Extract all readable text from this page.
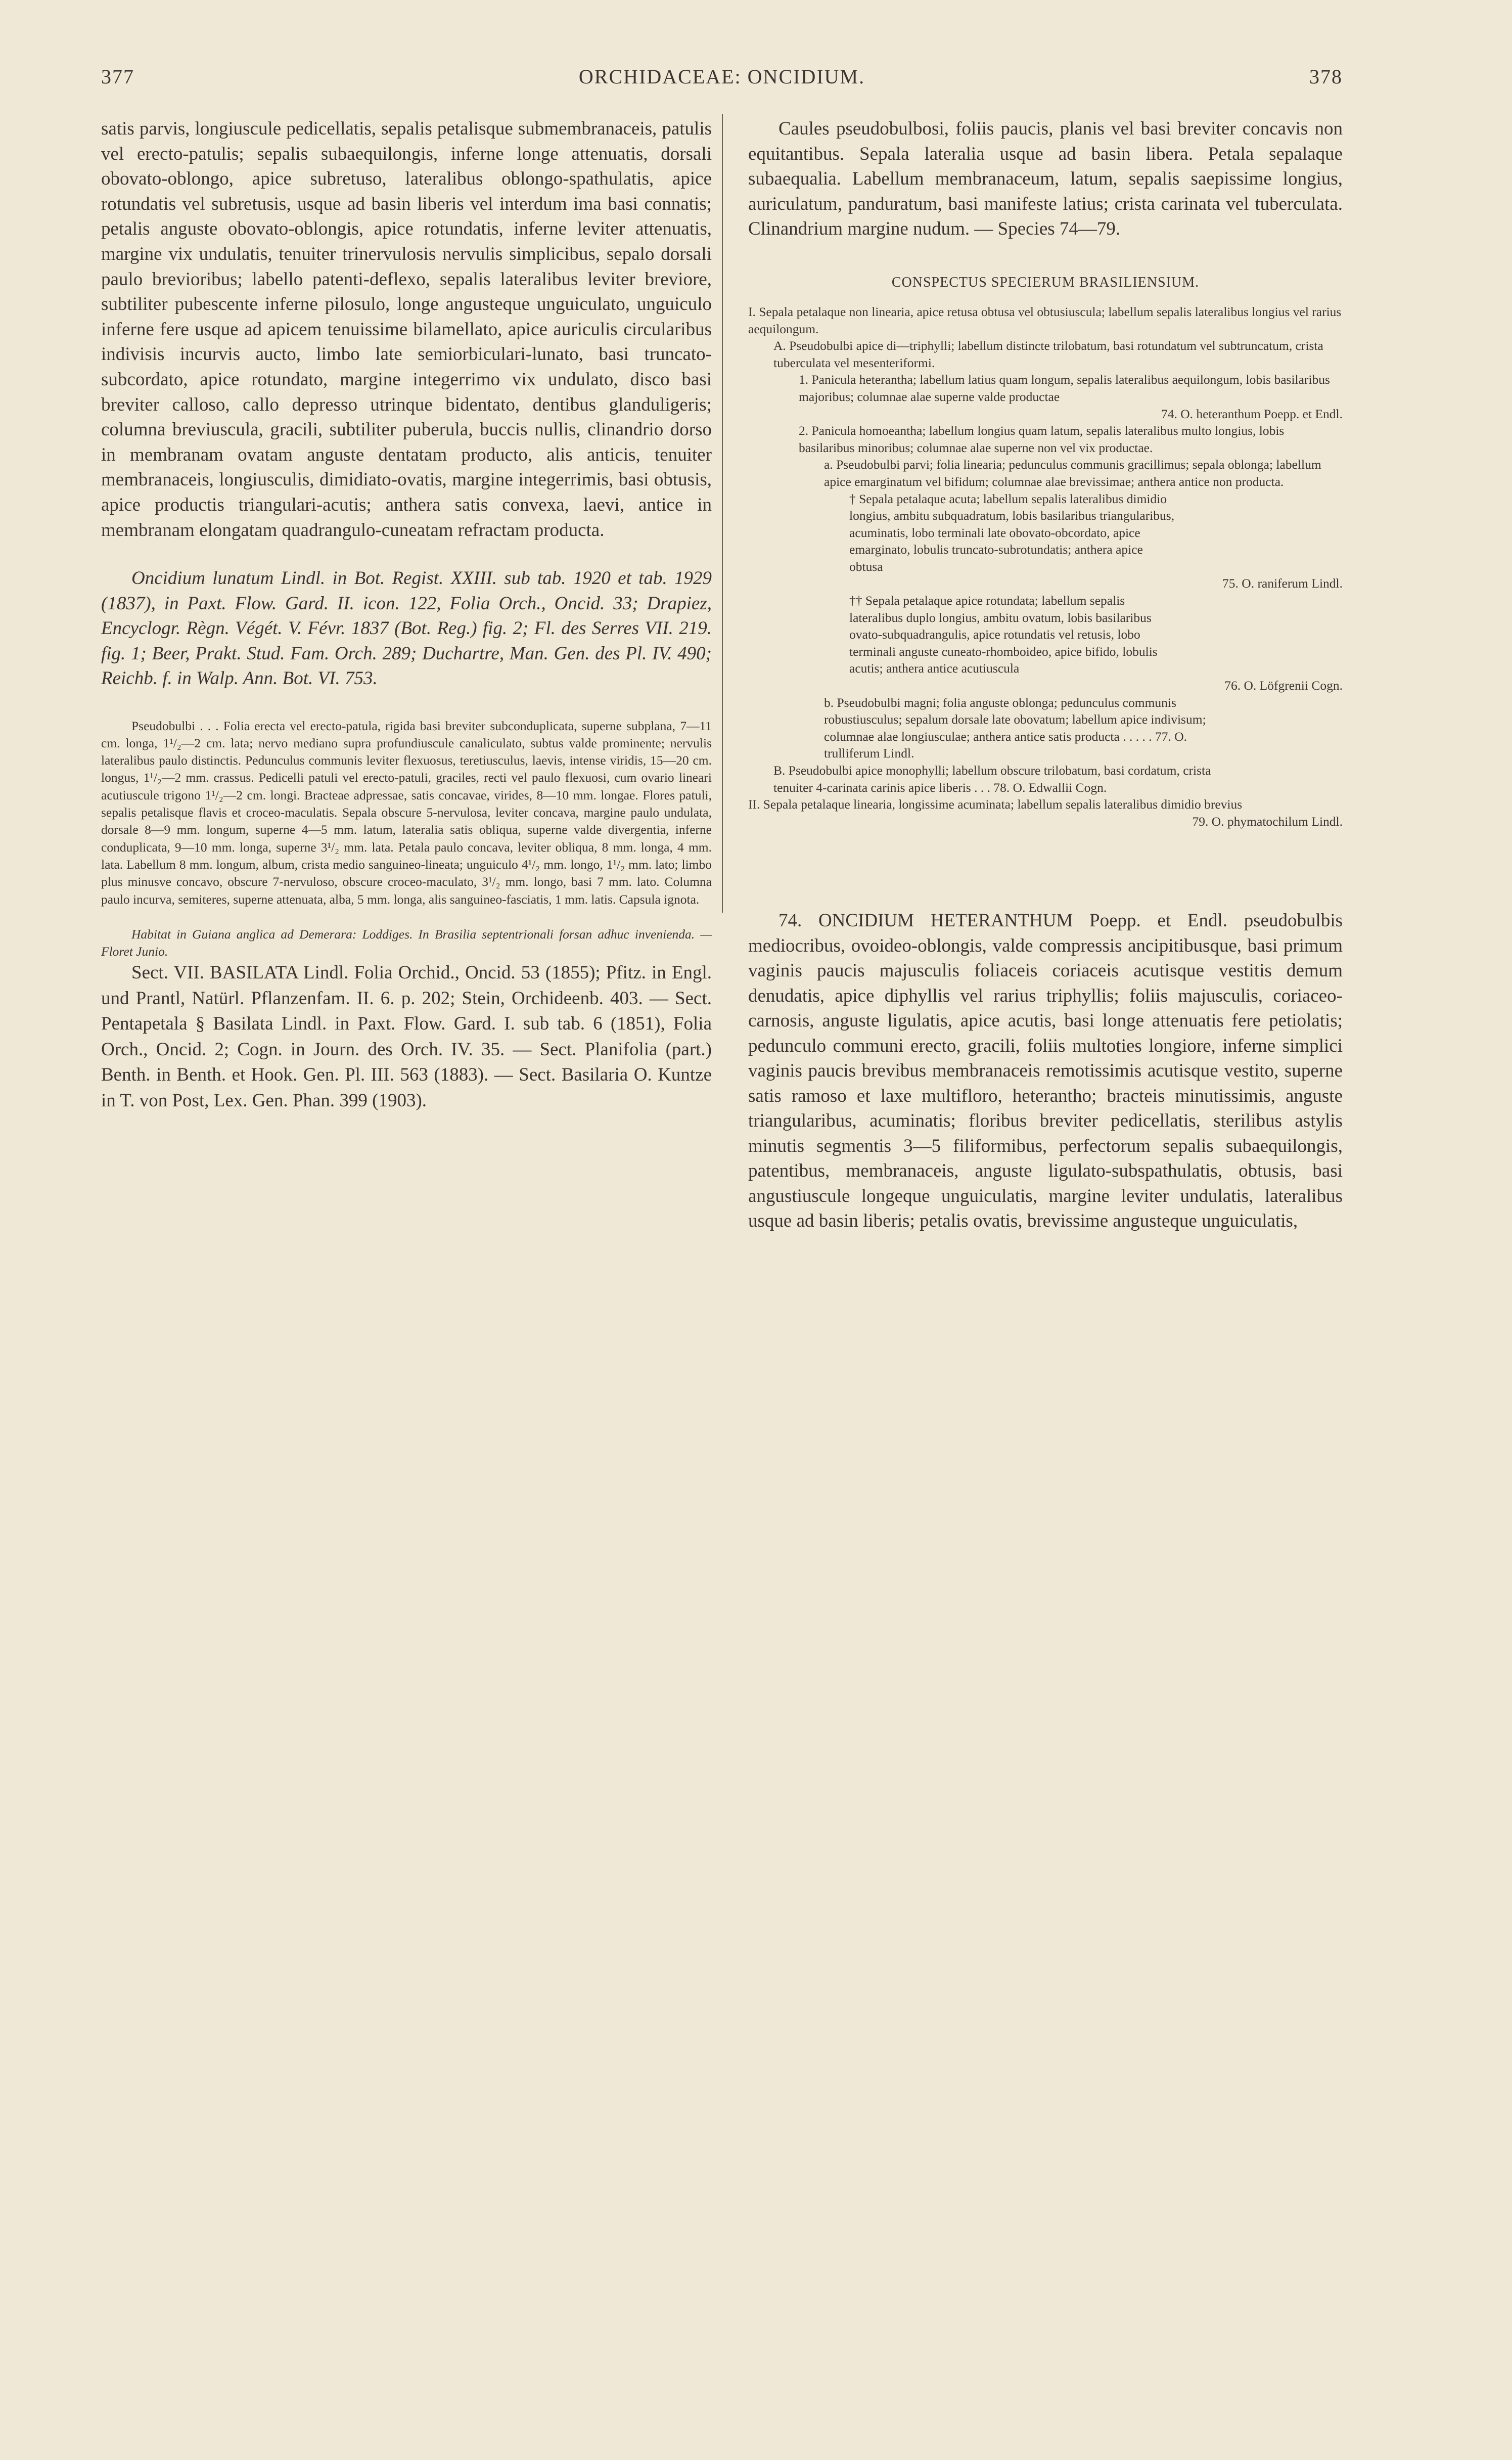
377	ORCHIDACEAE: ONCIDIUM.	378

satis parvis, longiuscule pedicellatis, sepalis petalisque submembranaceis, patulis vel erecto-patulis; sepalis subaequilongis, inferne longe attenuatis, dorsali obovato-oblongo, apice subretuso, lateralibus oblongo-spathulatis, apice rotundatis vel subretusis, usque ad basin liberis vel interdum ima basi connatis; petalis anguste obovato-oblongis, apice rotundatis, inferne leviter attenuatis, margine vix undulatis, tenuiter trinervulosis nervulis simplicibus, sepalo dorsali paulo brevioribus; labello patenti-deflexo, sepalis lateralibus leviter breviore, subtiliter pubescente inferne pilosulo, longe angusteque unguiculato, unguiculo inferne fere usque ad apicem tenuissime bilamellato, apice auriculis circularibus indivisis incurvis aucto, limbo late semiorbiculari-lunato, basi truncato-subcordato, apice rotundato, margine integerrimo vix undulato, disco basi breviter calloso, callo depresso utrinque bidentato, dentibus glanduligeris; columna breviuscula, gracili, subtiliter puberula, buccis nullis, clinandrio dorso in membranam ovatam anguste dentatam producto, alis anticis, tenuiter membranaceis, longiusculis, dimidiato-ovatis, margine integerrimis, basi obtusis, apice productis triangulari-acutis; anthera satis convexa, laevi, antice in membranam elongatam quadrangulo-cuneatam refractam producta.

Oncidium lunatum Lindl. in Bot. Regist. XXIII. sub tab. 1920 et tab. 1929 (1837), in Paxt. Flow. Gard. II. icon. 122, Folia Orch., Oncid. 33; Drapiez, Encyclogr. Règn. Végét. V. Févr. 1837 (Bot. Reg.) fig. 2; Fl. des Serres VII. 219. fig. 1; Beer, Prakt. Stud. Fam. Orch. 289; Duchartre, Man. Gen. des Pl. IV. 490; Reichb. f. in Walp. Ann. Bot. VI. 753.

Pseudobulbi . . . Folia erecta vel erecto-patula, rigida basi breviter subconduplicata, superne subplana, 7—11 cm. longa, 1¹/₂—2 cm. lata; nervo mediano supra profundiuscule canaliculato, subtus valde prominente; nervulis lateralibus paulo distinctis. Pedunculus communis leviter flexuosus, teretiusculus, laevis, intense viridis, 15—20 cm. longus, 1¹/₂—2 mm. crassus. Pedicelli patuli vel erecto-patuli, graciles, recti vel paulo flexuosi, cum ovario lineari acutiuscule trigono 1¹/₂—2 cm. longi. Bracteae adpressae, satis concavae, virides, 8—10 mm. longae. Flores patuli, sepalis petalisque flavis et croceo-maculatis. Sepala obscure 5-nervulosa, leviter concava, margine paulo undulata, dorsale 8—9 mm. longum, superne 4—5 mm. latum, lateralia satis obliqua, superne valde divergentia, inferne conduplicata, 9—10 mm. longa, superne 3¹/₂ mm. lata. Petala paulo concava, leviter obliqua, 8 mm. longa, 4 mm. lata. Labellum 8 mm. longum, album, crista medio sanguineo-lineata; unguiculo 4¹/₂ mm. longo, 1¹/₂ mm. lato; limbo plus minusve concavo, obscure 7-nervuloso, obscure croceo-maculato, 3¹/₂ mm. longo, basi 7 mm. lato. Columna paulo incurva, semiteres, superne attenuata, alba, 5 mm. longa, alis sanguineo-fasciatis, 1 mm. latis. Capsula ignota.

Habitat in Guiana anglica ad Demerara: Loddiges. In Brasilia septentrionali forsan adhuc invenienda. — Floret Junio.

Sect. VII. BASILATA Lindl. Folia Orchid., Oncid. 53 (1855); Pfitz. in Engl. und Prantl, Natürl. Pflanzenfam. II. 6. p. 202; Stein, Orchideenb. 403. — Sect. Pentapetala § Basilata Lindl. in Paxt. Flow. Gard. I. sub tab. 6 (1851), Folia Orch., Oncid. 2; Cogn. in Journ. des Orch. IV. 35. — Sect. Planifolia (part.) Benth. in Benth. et Hook. Gen. Pl. III. 563 (1883). — Sect. Basilaria O. Kuntze in T. von Post, Lex. Gen. Phan. 399 (1903).

Caules pseudobulbosi, foliis paucis, planis vel basi breviter concavis non equitantibus. Sepala lateralia usque ad basin libera. Petala sepalaque subaequalia. Labellum membranaceum, latum, sepalis saepissime longius, auriculatum, panduratum, basi manifeste latius; crista carinata vel tuberculata. Clinandrium margine nudum. — Species 74—79.

CONSPECTUS SPECIERUM BRASILIENSIUM.

I. Sepala petalaque non linearia, apice retusa obtusa vel obtusiuscula; labellum sepalis lateralibus longius vel rarius aequilongum.

A. Pseudobulbi apice di—triphylli; labellum distincte trilobatum, basi rotundatum vel subtruncatum, crista tuberculata vel mesenteriformi.

1. Panicula heterantha; labellum latius quam longum, sepalis lateralibus aequilongum, lobis basilaribus majoribus; columnae alae superne valde productae

74. O. heteranthum Poepp. et Endl.

2. Panicula homoeantha; labellum longius quam latum, sepalis lateralibus multo longius, lobis basilaribus minoribus; columnae alae superne non vel vix productae.

a. Pseudobulbi parvi; folia linearia; pedunculus communis gracillimus; sepala oblonga; labellum apice emarginatum vel bifidum; columnae alae brevissimae; anthera antice non producta.

† Sepala petalaque acuta; labellum sepalis lateralibus dimidio longius, ambitu subquadratum, lobis basilaribus triangularibus, acuminatis, lobo terminali late obovato-obcordato, apice emarginato, lobulis truncato-subrotundatis; anthera apice obtusa

75. O. raniferum Lindl.

†† Sepala petalaque apice rotundata; labellum sepalis lateralibus duplo longius, ambitu ovatum, lobis basilaribus ovato-subquadrangulis, apice rotundatis vel retusis, lobo terminali anguste cuneato-rhomboideo, apice bifido, lobulis acutis; anthera antice acutiuscula

76. O. Löfgrenii Cogn.

b. Pseudobulbi magni; folia anguste oblonga; pedunculus communis robustiusculus; sepalum dorsale late obovatum; labellum apice indivisum; columnae alae longiusculae; anthera antice satis producta . . . . . 77. O. trulliferum Lindl.

B. Pseudobulbi apice monophylli; labellum obscure trilobatum, basi cordatum, crista tenuiter 4-carinata carinis apice liberis . . . 78. O. Edwallii Cogn.

II. Sepala petalaque linearia, longissime acuminata; labellum sepalis lateralibus dimidio brevius

79. O. phymatochilum Lindl.

74. ONCIDIUM HETERANTHUM Poepp. et Endl. pseudobulbis mediocribus, ovoideo-oblongis, valde compressis ancipitibusque, basi primum vaginis paucis majusculis foliaceis coriaceis acutisque vestitis demum denudatis, apice diphyllis vel rarius triphyllis; foliis majusculis, coriaceo-carnosis, anguste ligulatis, apice acutis, basi longe attenuatis fere petiolatis; pedunculo communi erecto, gracili, foliis multoties longiore, inferne simplici vaginis paucis brevibus membranaceis remotissimis acutisque vestito, superne satis ramoso et laxe multifloro, heterantho; bracteis minutissimis, anguste triangularibus, acuminatis; floribus breviter pedicellatis, sterilibus astylis minutis segmentis 3—5 filiformibus, perfectorum sepalis subaequilongis, patentibus, membranaceis, anguste ligulato-subspathulatis, obtusis, basi angustiuscule longeque unguiculatis, margine leviter undulatis, lateralibus usque ad basin liberis; petalis ovatis, brevissime angusteque unguiculatis,
